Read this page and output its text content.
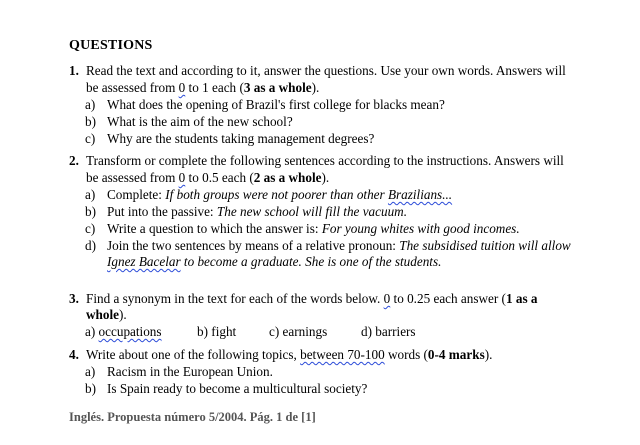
QUESTIONS
1. Read the text and according to it, answer the questions. Use your own words. Answers will
be assessed from 0 to 1 each (3 as a whole).
a) What does the opening of Brazil's first college for blacks mean?
b) What is the aim of the new school?
c) Why are the students taking management degrees?
2. Transform or complete the following sentences according to the instructions. Answers will
be assessed from 0 to 0.5 each (2 as a whole).
a) Complete: If both groups were not poorer than other Brazilians...
b) Put into the passive: The new school will fill the vacuum.
c) Write a question to which the answer is: For young whites with good incomes.
d) Join the two sentences by means of a relative pronoun: The subsidised tuition will allow
Ignez Bacelar to become a graduate. She is one of the students.
3. Find a synonym in the text for each of the words below. 0 to 0.25 each answer (1 as a
whole).
a) occupations	b) fight c) earnings	d) barriers
4. Write about one of the following topics, between 70-100 words (0-4 marks).
a) Racism in the European Union.
b) Is Spain ready to become a multicultural society?
Inglés. Propuesta número 5/2004. Pág. 1 de [1]
